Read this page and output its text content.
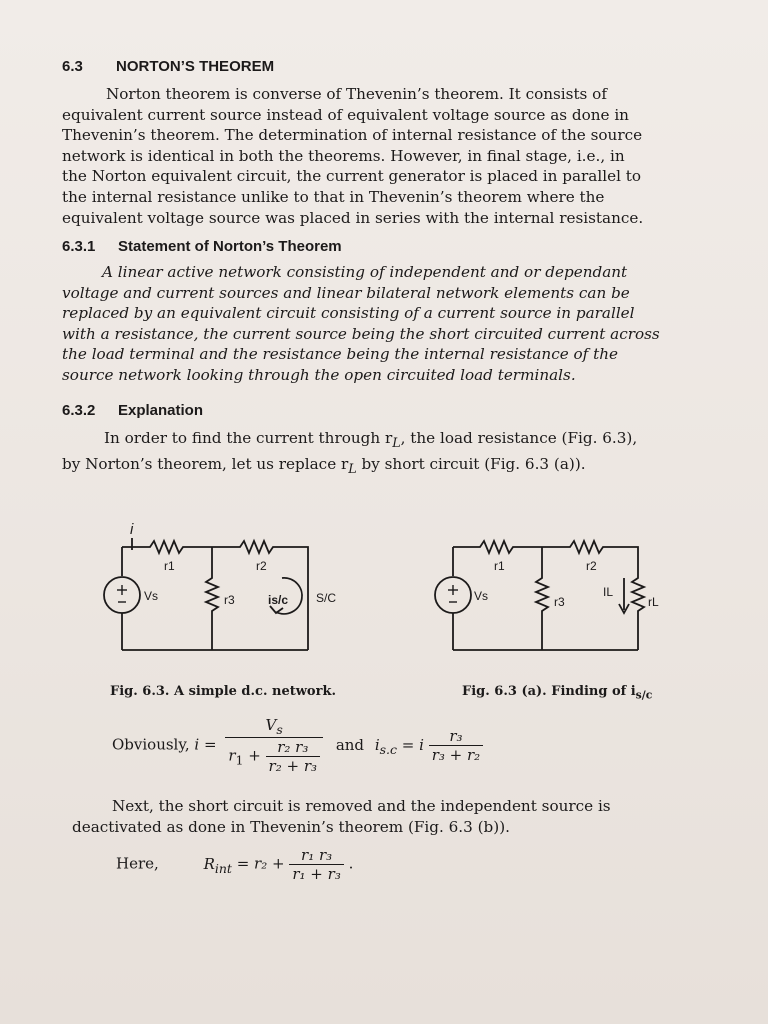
6.3 NORTON’S THEOREM
Norton theorem is converse of Thevenin’s theorem. It consists of
equivalent current source instead of equivalent voltage source as done in
Thevenin’s theorem. The determination of internal resistance of the source
network is identical in both the theorems. However, in final stage, i.e., in
the Norton equivalent circuit, the current generator is placed in parallel to
the internal resistance unlike to that in Thevenin’s theorem where the
equivalent voltage source was placed in series with the internal resistance.
6.3.1 Statement of Norton’s Theorem
A linear active network consisting of independent and or dependant
voltage and current sources and linear bilateral network elements can be
replaced by an equivalent circuit consisting of a current source in parallel
with a resistance, the current source being the short circuited current across
the load terminal and the resistance being the internal resistance of the
source network looking through the open circuited load terminals.
6.3.2 Explanation
In order to find the current through $r_L$, the load resistance (Fig. 6.3),
by Norton’s theorem, let us replace $r_L$ by short circuit (Fig. 6.3 (a)).
i
r1	r2
Vs	r3	is/c S/C
r1	r2
Vs	r3
IL
rL
Fig. 6.3. A simple d.c. network.	Fig. 6.3 (a). Finding of $i_{s/c}$
Obviously, $i = \frac{V_s}{r_1 + \frac{\text{r₂ r₃}}{\text{r₂ + r₃}}}$ and $i_{s.c} = i \frac{\text{r₃}}{\text{r₃ + r₂}}$
Next, the short circuit is removed and the independent source is
deactivated as done in Thevenin’s theorem (Fig. 6.3 (b)).
Here,	$R_{int} = r_2 + \frac{\text{r₁ r₃}}{\text{r₁ + r₃}}$ .
